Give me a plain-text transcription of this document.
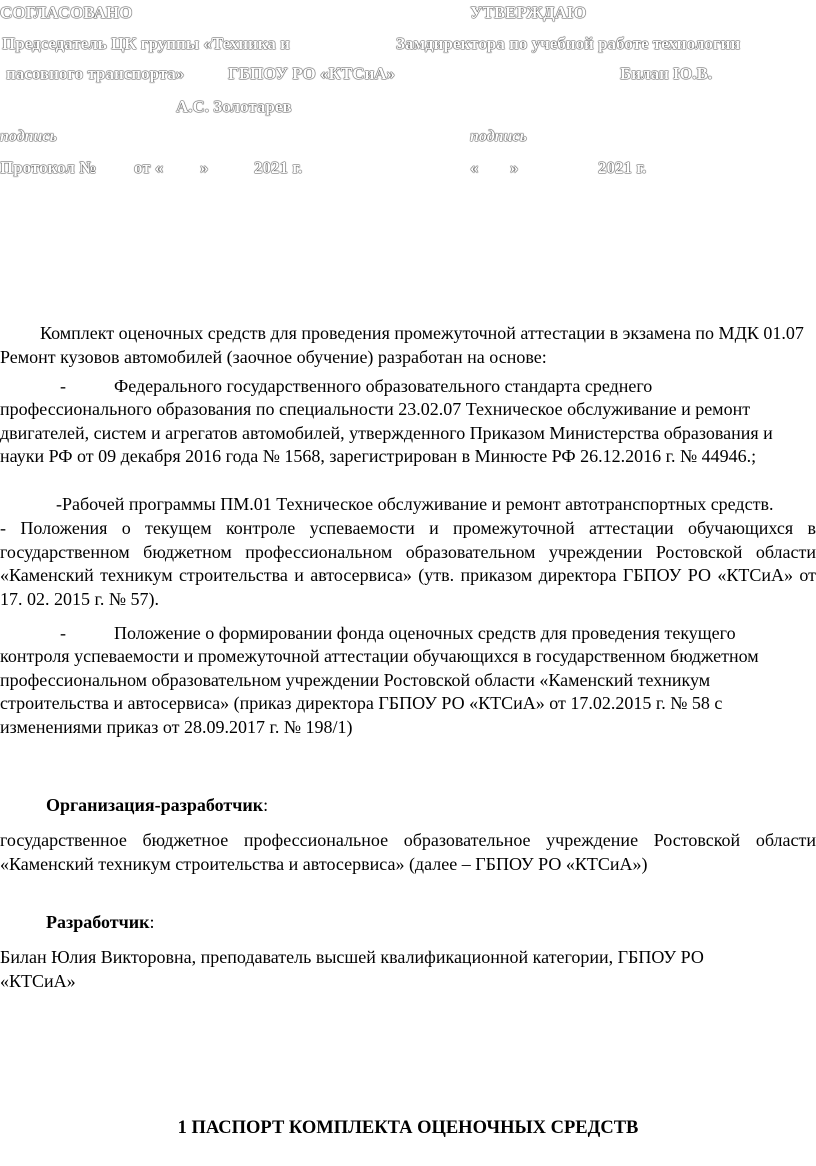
СОГЛАСОВАНО	УТВЕРЖДАЮ
Председатель ЦК группы «Техника и	Замдиректора по учебной работе технологии
пасовного транспорта»	ГБПОУ РО «КТСиА»	Билан Ю.В.
А.С. Золотарев
подпись	подпись
Протокол № от « »	2021 г.	« »	2021 г.
Комплект оценочных средств для проведения промежуточной аттестации в экзамена по МДК 01.07 Ремонт кузовов автомобилей (заочное обучение) разработан на основе:
-	Федерального государственного образовательного стандарта среднего
профессионального образования по специальности 23.02.07 Техническое обслуживание и ремонт двигателей, систем и агрегатов автомобилей, утвержденного Приказом Министерства образования и науки РФ от 09 декабря 2016 года № 1568, зарегистрирован в Минюсте РФ 26.12.2016 г. № 44946.;
-Рабочей программы ПМ.01 Техническое обслуживание и ремонт автотранспортных средств.
- Положения о текущем контроле успеваемости и промежуточной аттестации обучающихся в государственном бюджетном профессиональном образовательном учреждении Ростовской области «Каменский техникум строительства и автосервиса» (утв. приказом директора ГБПОУ РО «КТСиА» от 17. 02. 2015 г. № 57).
-	Положение о формировании фонда оценочных средств для проведения текущего
контроля успеваемости и промежуточной аттестации обучающихся в государственном бюджетном профессиональном образовательном учреждении Ростовской области «Каменский техникум строительства и автосервиса» (приказ директора ГБПОУ РО «КТСиА» от 17.02.2015 г. № 58 с изменениями приказ от 28.09.2017 г. № 198/1)
Организация-разработчик:
государственное бюджетное профессиональное образовательное учреждение Ростовской области «Каменский техникум строительства и автосервиса» (далее – ГБПОУ РО «КТСиА»)
Разработчик:
Билан Юлия Викторовна, преподаватель высшей квалификационной категории, ГБПОУ РО «КТСиА»
1 ПАСПОРТ КОМПЛЕКТА ОЦЕНОЧНЫХ СРЕДСТВ
